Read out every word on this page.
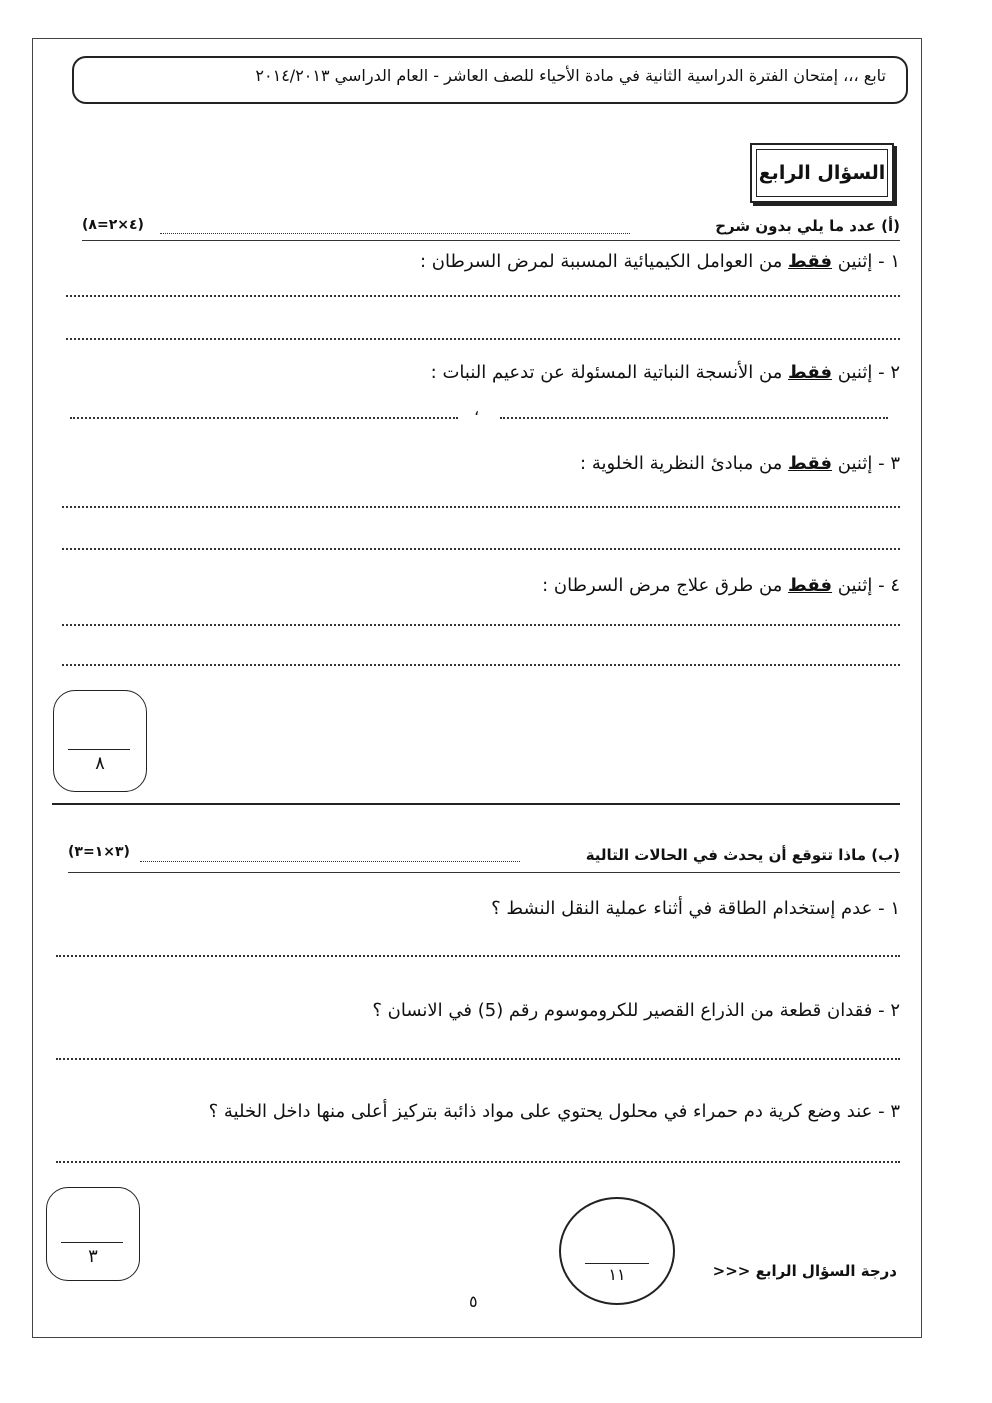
تابع ،،، إمتحان الفترة الدراسية الثانية في مادة الأحياء للصف العاشر - العام الدراسي ٢٠١٤/٢٠١٣
السؤال الرابع
(أ) عدد ما يلي بدون شرح
(٤×٢=٨)
١ - إثنين فقط من العوامل الكيميائية المسببة لمرض السرطان :
٢ - إثنين فقط من الأنسجة النباتية المسئولة عن تدعيم النبات :
،
٣ - إثنين فقط من مبادئ النظرية الخلوية :
٤ - إثنين فقط من طرق علاج مرض السرطان :
٨
(ب) ماذا تتوقع أن يحدث في الحالات التالية
(٣×١=٣)
١ - عدم إستخدام الطاقة في أثناء عملية النقل النشط ؟
٢ - فقدان قطعة من الذراع القصير للكروموسوم رقم (5) في الانسان ؟
٣ - عند وضع كرية دم حمراء في محلول يحتوي على مواد ذائبة بتركيز أعلى منها داخل الخلية ؟
٣
١١	درجة السؤال الرابع <<<
٥
